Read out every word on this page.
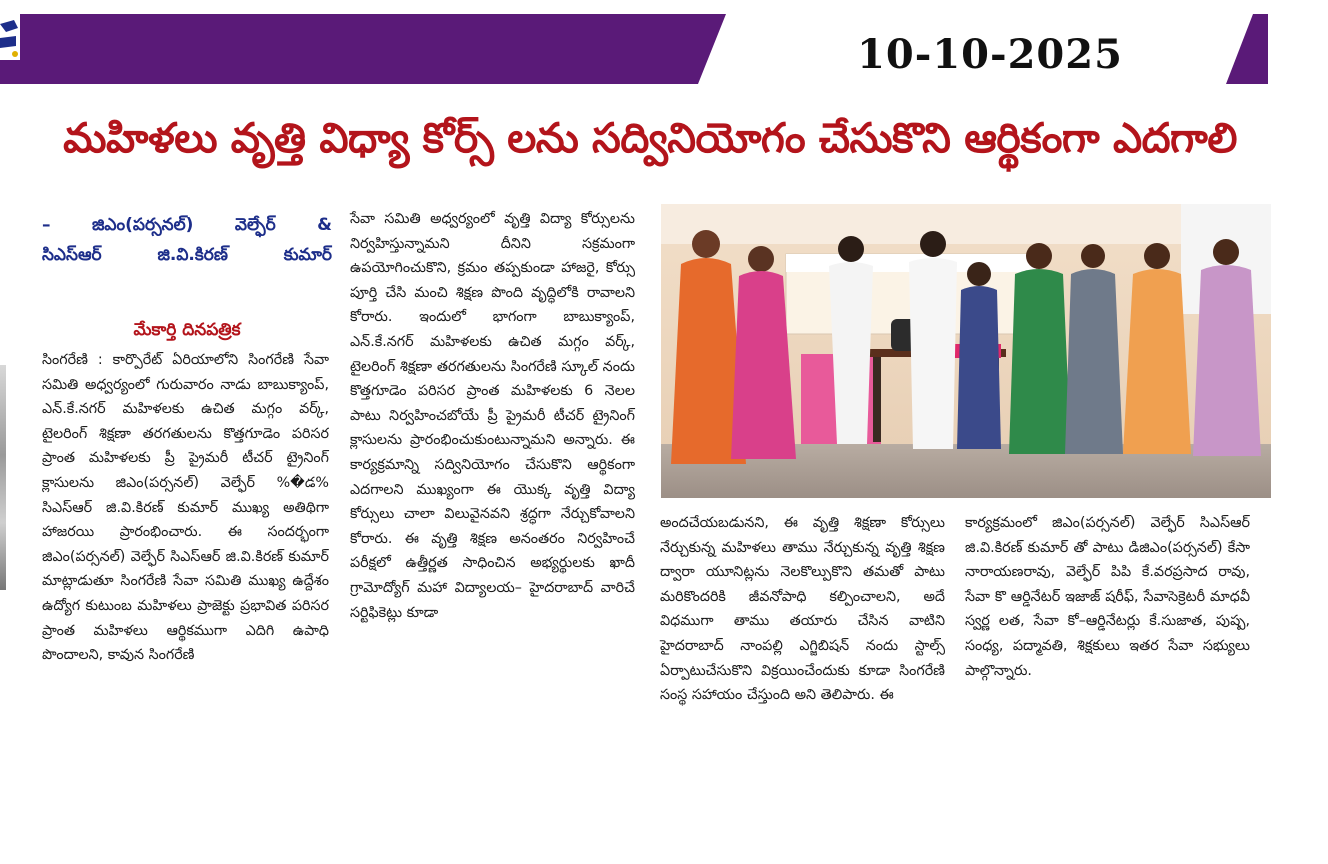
10-10-2025
మహిళలు వృత్తి విధ్యా కోర్స్ లను సద్వినియోగం చేసుకొని ఆర్థికంగా ఎదగాలి
– జిఎం(పర్సనల్) వెల్ఫేర్ &
సిఎస్ఆర్ జి.వి.కిరణ్ కుమార్
మేకార్తి దినపత్రిక
సింగరేణి : కార్పొరేట్ ఏరియాలోని సింగరేణి సేవా సమితి అధ్వర్యంలో గురువారం నాడు బాబుక్యాంప్, ఎన్.కే.నగర్ మహిళలకు ఉచిత మగ్గం వర్క్, టైలరింగ్ శిక్షణా తరగతులను కొత్తగూడెం పరిసర ప్రాంత మహిళలకు ప్రీ ప్రైమరీ టీచర్ ట్రైనింగ్ క్లాసులను జిఎం(పర్సనల్) వెల్ఫేర్ %�డ% సిఎస్ఆర్ జి.వి.కిరణ్ కుమార్ ముఖ్య అతిథిగా హాజరయి ప్రారంభించారు. ఈ సందర్భంగా జిఎం(పర్సనల్) వెల్ఫేర్ సిఎస్ఆర్ జి.వి.కిరణ్ కుమార్ మాట్లాడుతూ సింగరేణి సేవా సమితి ముఖ్య ఉద్దేశం ఉద్యోగ కుటుంబ మహిళలు ప్రాజెక్టు ప్రభావిత పరిసర ప్రాంత మహిళలు ఆర్థికముగా ఎదిగి ఉపాధి పొందాలని, కావున సింగరేణి
సేవా సమితి అధ్వర్యంలో వృత్తి విద్యా కోర్సులను నిర్వహిస్తున్నామని దీనిని సక్రమంగా ఉపయోగించుకొని, క్రమం తప్పకుండా హాజరై, కోర్సు పూర్తి చేసి మంచి శిక్షణ పొంది వృద్ధిలోకి రావాలని కోరారు. ఇందులో భాగంగా బాబుక్యాంప్, ఎన్.కే.నగర్ మహిళలకు ఉచిత మగ్గం వర్క్, టైలరింగ్ శిక్షణా తరగతులను సింగరేణి స్కూల్ నందు కొత్తగూడెం పరిసర ప్రాంత మహిళలకు 6 నెలల పాటు నిర్వహించబోయే ప్రీ ప్రైమరీ టీచర్ ట్రైనింగ్ క్లాసులను ప్రారంభించుకుంటున్నామని అన్నారు. ఈ కార్యక్రమాన్ని సద్వినియోగం చేసుకొని ఆర్థికంగా ఎదగాలని ముఖ్యంగా ఈ యొక్క వృత్తి విద్యా కోర్సులు చాలా విలువైనవని శ్రద్ధగా నేర్చుకోవాలని కోరారు. ఈ వృత్తి శిక్షణ అనంతరం నిర్వహించే పరీక్షలో ఉత్తీర్ణత సాధించిన అభ్యర్థులకు ఖాదీ గ్రామోద్యోగ్ మహా విద్యాలయ– హైదరాబాద్ వారిచే సర్టిఫికెట్లు కూడా
అందచేయబడునని, ఈ వృత్తి శిక్షణా కోర్సులు నేర్చుకున్న మహిళలు తాము నేర్చుకున్న వృత్తి శిక్షణ ద్వారా యూనిట్లను నెలకొల్పుకొని తమతో పాటు మరికొందరికి జీవనోపాధి కల్పించాలని, అదే విధముగా తాము తయారు చేసిన వాటిని హైదరాబాద్ నాంపల్లి ఎగ్జిబిషన్ నందు స్టాల్స్ ఏర్పాటుచేసుకొని విక్రయించేందుకు కూడా సింగరేణి సంస్థ సహాయం చేస్తుంది అని తెలిపారు. ఈ
కార్యక్రమంలో జిఎం(పర్సనల్) వెల్ఫేర్ సిఎస్ఆర్ జి.వి.కిరణ్ కుమార్ తో పాటు డిజిఎం(పర్సనల్) కేసా నారాయణరావు, వెల్ఫేర్ పిపి కే.వరప్రసాద రావు, సేవా కొ ఆర్డినేటర్ ఇజాజ్ షరీఫ్, సేవాసెక్రెటరీ మాధవీ స్వర్ణ లత, సేవా కో–ఆర్డినేటర్లు కే.సుజాత, పుష్ప, సంధ్య, పద్మావతి, శిక్షకులు ఇతర సేవా సభ్యులు పాల్గొన్నారు.
